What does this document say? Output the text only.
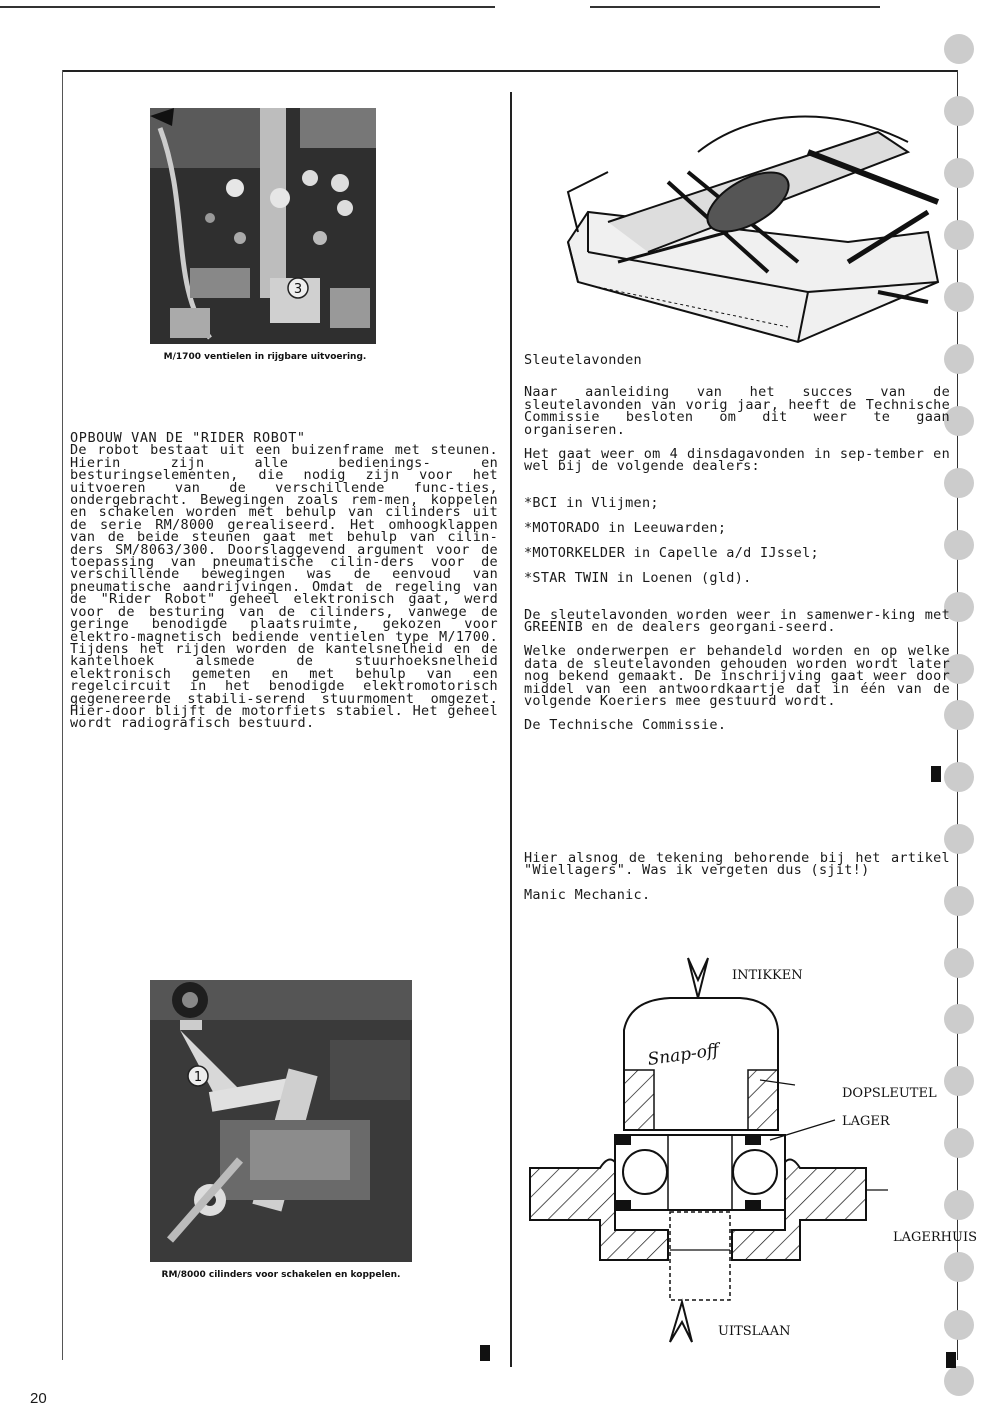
3
M/1700 ventielen in rijgbare uitvoering.
OPBOUW VAN DE "RIDER ROBOT"
De robot bestaat uit een buizenframe met steunen. Hierin zijn alle bedienings- en besturingselementen, die nodig zijn voor het uitvoeren van de verschillende func-ties, ondergebracht. Bewegingen zoals rem-men, koppelen en schakelen worden met behulp van cilinders uit de serie RM/8000 gerealiseerd. Het omhoogklappen van de beide steunen gaat met behulp van cilin-ders SM/8063/300. Doorslaggevend argument voor de toepassing van pneumatische cilin-ders voor de verschillende bewegingen was de eenvoud van pneumatische aandrijvingen. Omdat de regeling van de "Rider Robot" geheel elektronisch gaat, werd voor de besturing van de cilinders, vanwege de geringe benodigde plaatsruimte, gekozen voor elektro-magnetisch bediende ventielen type M/1700. Tijdens het rijden worden de kantelsnelheid en de kantelhoek alsmede de stuurhoeksnelheid elektronisch gemeten en met behulp van een regelcircuit in het benodigde elektromotorisch gegenereerde stabili-serend stuurmoment omgezet. Hier-door blijft de motorfiets stabiel. Het geheel wordt radiografisch bestuurd.
1
RM/8000 cilinders voor schakelen en koppelen.
20

Sleutelavonden

Naar aanleiding van het succes van de sleutelavonden van vorig jaar, heeft de Technische Commissie besloten om dit weer te gaan organiseren.

Het gaat weer om 4 dinsdagavonden in sep-tember en wel bij de volgende dealers:

*BCI in Vlijmen;

*MOTORADO in Leeuwarden;

*MOTORKELDER in Capelle a/d IJssel;

*STAR TWIN in Loenen (gld).

De sleutelavonden worden weer in samenwer-king met GREENIB en de dealers georgani-seerd.

Welke onderwerpen er behandeld worden en op welke data de sleutelavonden gehouden worden wordt later nog bekend gemaakt. De inschrijving gaat weer door middel van een antwoordkaartje dat in één van de volgende Koeriers mee gestuurd wordt.

De Technische Commissie.

Hier alsnog de tekening behorende bij het artikel "Wiellagers". Was ik vergeten dus (sjit!)

Manic Mechanic.

Snap-off
INTIKKEN
DOPSLEUTEL
LAGER
LAGERHUIS
UITSLAAN
